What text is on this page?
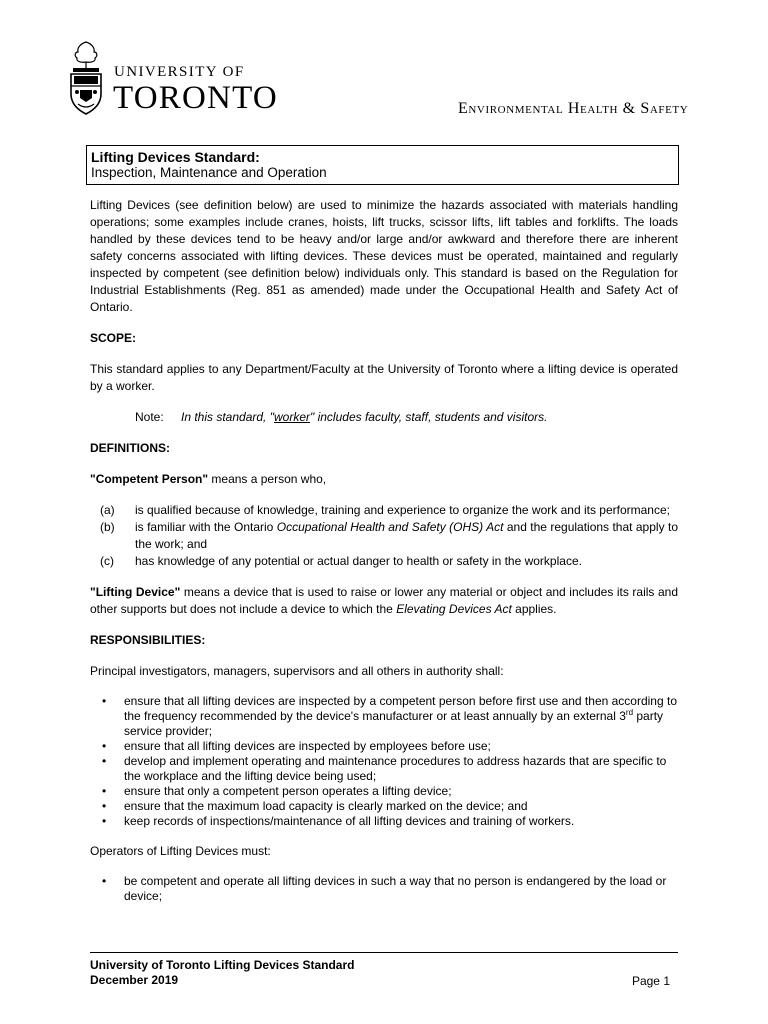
UNIVERSITY OF
TORONTO	Environmental Health & Safety
Lifting Devices Standard:
Inspection, Maintenance and Operation

Lifting Devices (see definition below) are used to minimize the hazards associated with materials handling operations; some examples include cranes, hoists, lift trucks, scissor lifts, lift tables and forklifts. The loads handled by these devices tend to be heavy and/or large and/or awkward and therefore there are inherent safety concerns associated with lifting devices. These devices must be operated, maintained and regularly inspected by competent (see definition below) individuals only. This standard is based on the Regulation for Industrial Establishments (Reg. 851 as amended) made under the Occupational Health and Safety Act of Ontario.

SCOPE:

This standard applies to any Department/Faculty at the University of Toronto where a lifting device is operated by a worker.

Note: In this standard, "worker" includes faculty, staff, students and visitors.

DEFINITIONS:

"Competent Person" means a person who,

(a)	is qualified because of knowledge, training and experience to organize the work and its performance;
(b)	is familiar with the Ontario Occupational Health and Safety (OHS) Act and the regulations that apply to the work; and
(c)	has knowledge of any potential or actual danger to health or safety in the workplace.

"Lifting Device" means a device that is used to raise or lower any material or object and includes its rails and other supports but does not include a device to which the Elevating Devices Act applies.

RESPONSIBILITIES:

Principal investigators, managers, supervisors and all others in authority shall:

•	ensure that all lifting devices are inspected by a competent person before first use and then according to the frequency recommended by the device's manufacturer or at least annually by an external 3rd party service provider;
•	ensure that all lifting devices are inspected by employees before use;
•	develop and implement operating and maintenance procedures to address hazards that are specific to the workplace and the lifting device being used;
•	ensure that only a competent person operates a lifting device;
•	ensure that the maximum load capacity is clearly marked on the device; and
•	keep records of inspections/maintenance of all lifting devices and training of workers.

Operators of Lifting Devices must:

•	be competent and operate all lifting devices in such a way that no person is endangered by the load or device;
University of Toronto Lifting Devices Standard
December 2019	Page 1
